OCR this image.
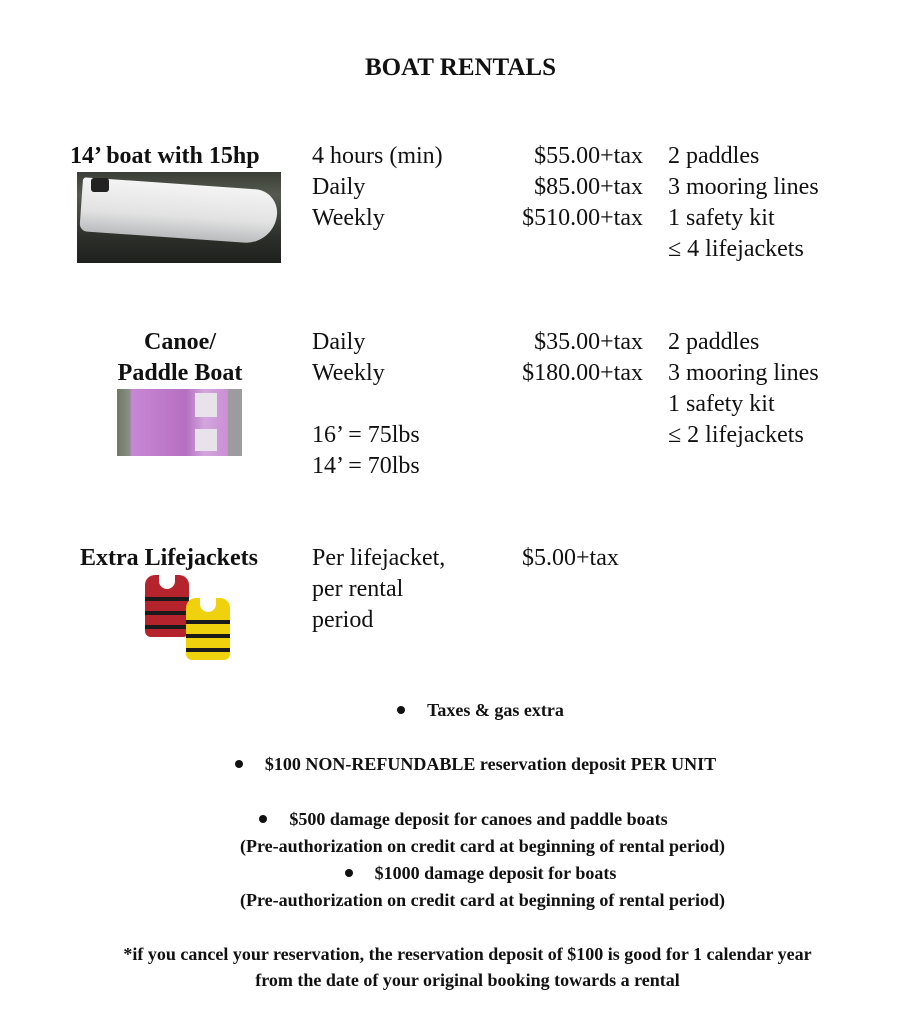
BOAT RENTALS
14’ boat with 15hp 4 hours (min)
Daily
Weekly
$55.00+tax
$85.00+tax
$510.00+tax
2 paddles
3 mooring lines
1 safety kit
≤ 4 lifejackets
Canoe/
Paddle Boat
Daily
Weekly
16’ = 75lbs
14’ = 70lbs
$35.00+tax
$180.00+tax
2 paddles
3 mooring lines
1 safety kit
≤ 2 lifejackets
Extra Lifejackets Per lifejacket,
per rental
period
$5.00+tax
Taxes & gas extra
$100 NON-REFUNDABLE reservation deposit PER UNIT
$500 damage deposit for canoes and paddle boats
(Pre-authorization on credit card at beginning of rental period)
$1000 damage deposit for boats
(Pre-authorization on credit card at beginning of rental period)
*if you cancel your reservation, the reservation deposit of $100 is good for 1 calendar year
from the date of your original booking towards a rental
